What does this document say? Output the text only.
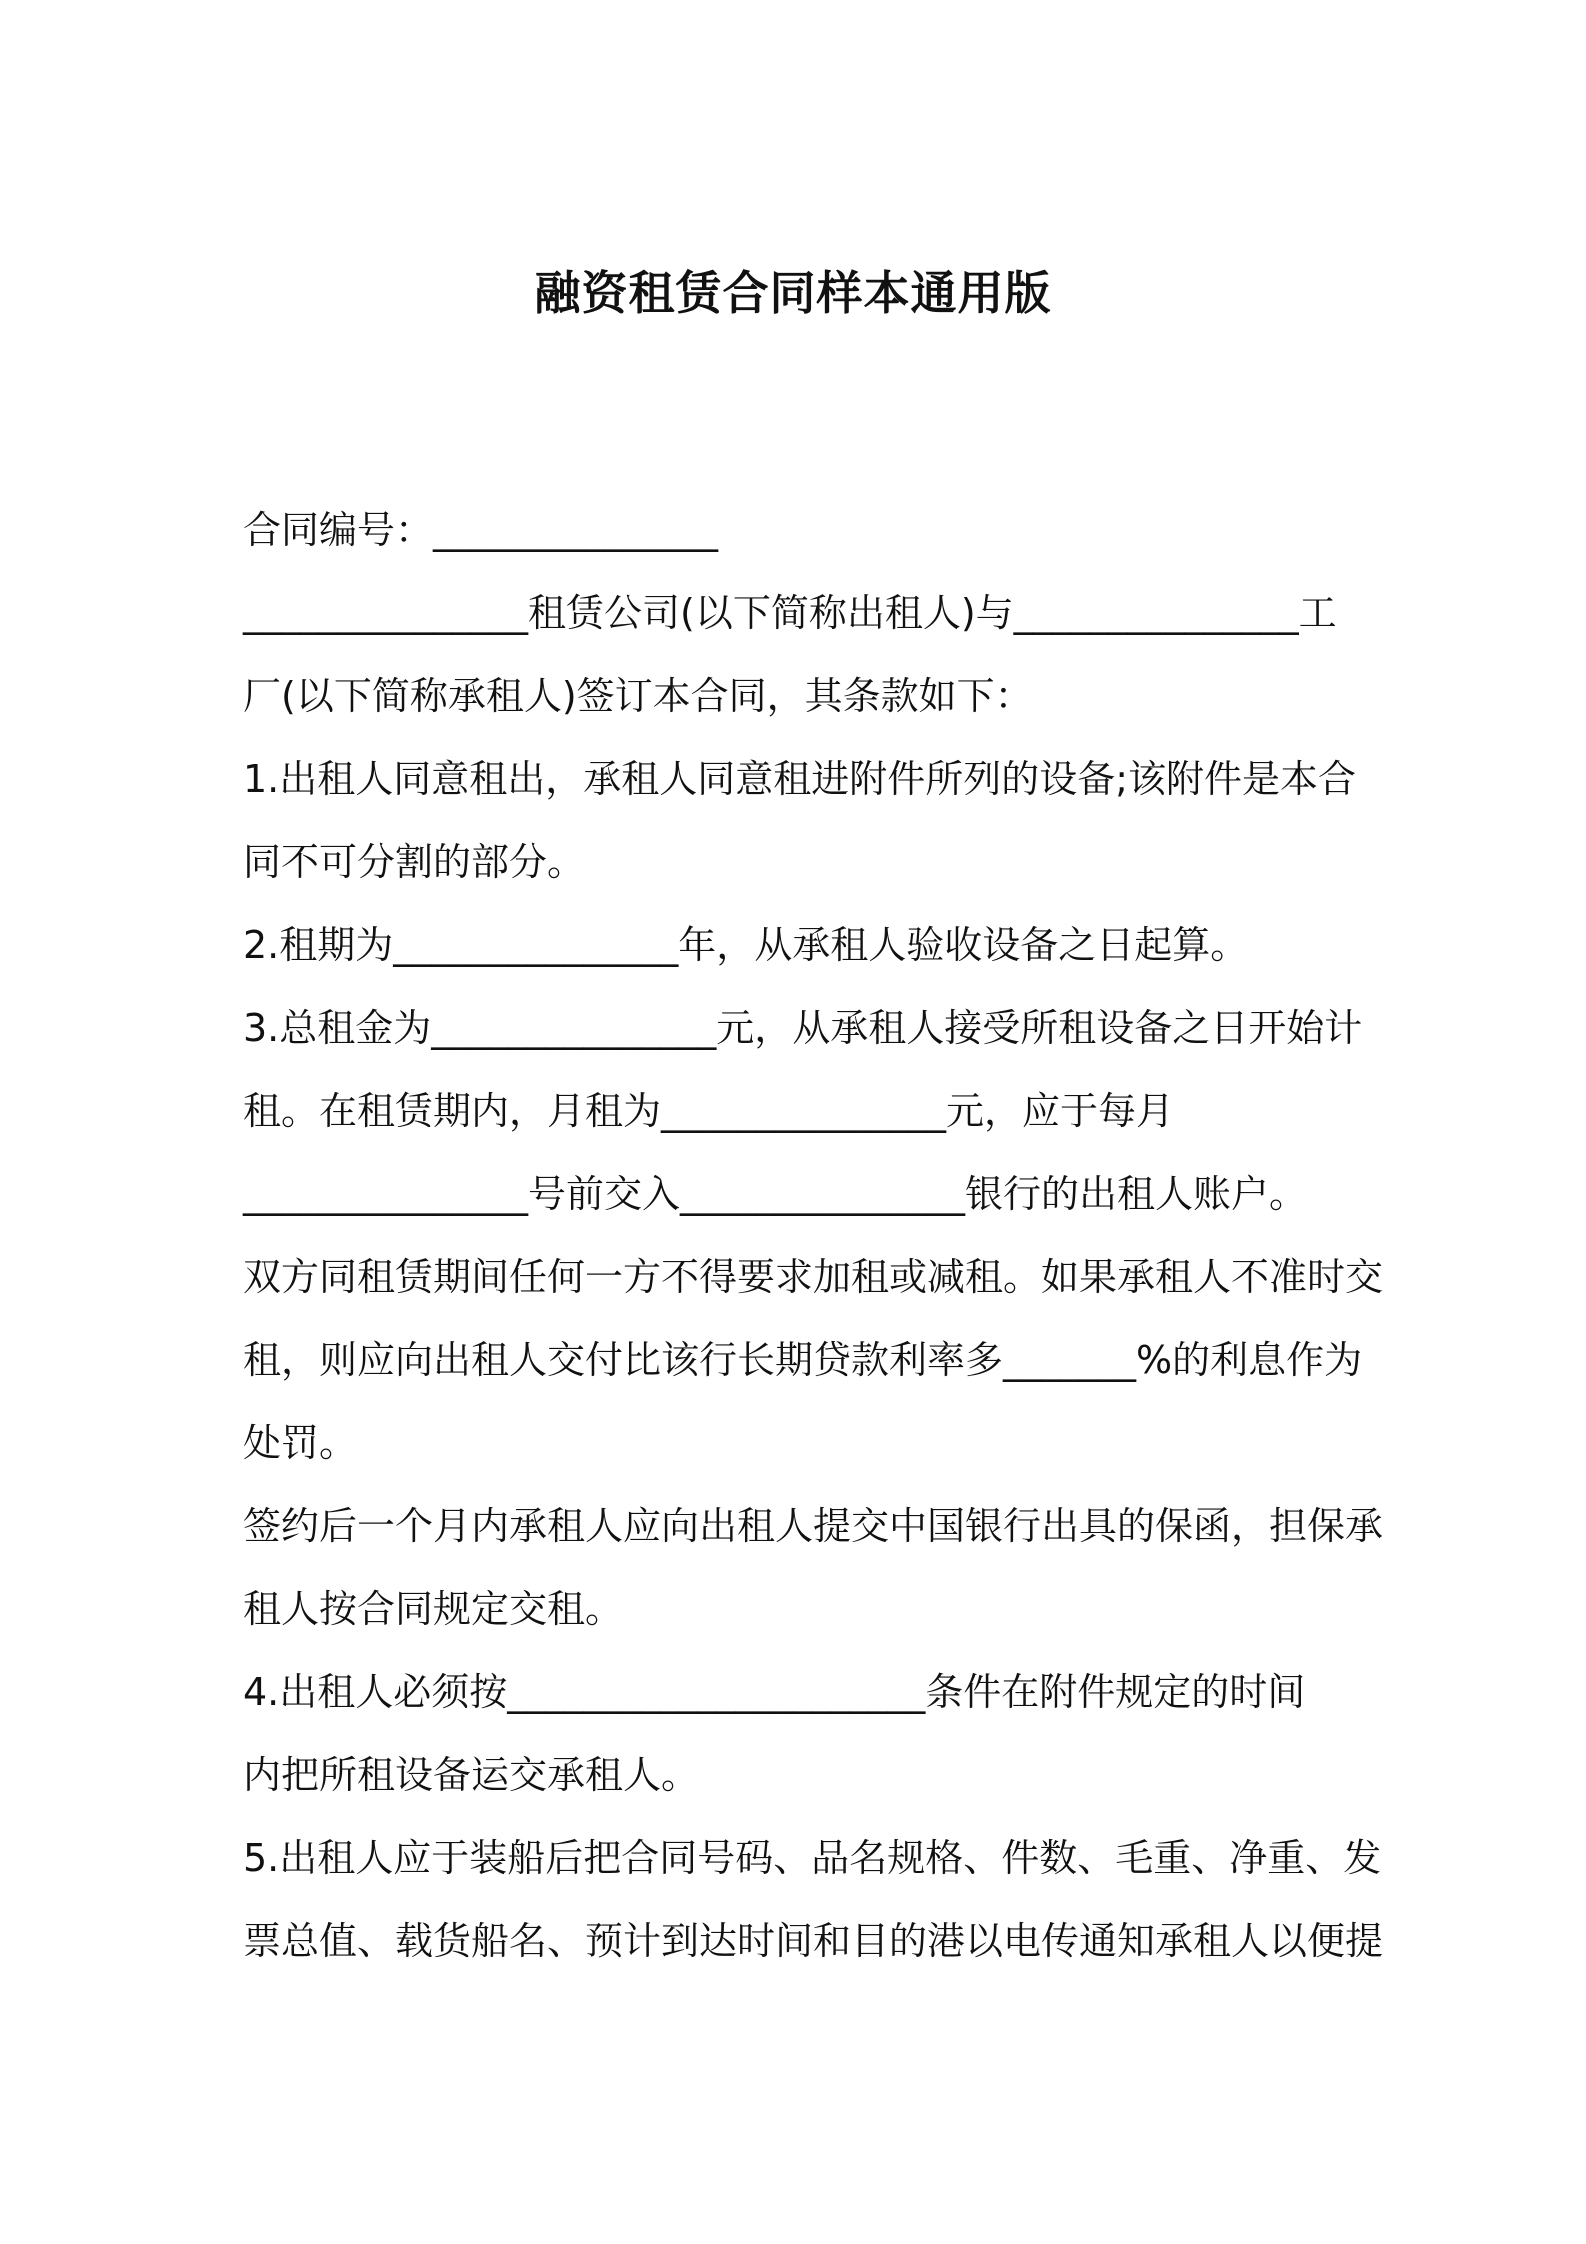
融资租赁合同样本通用版
合同编号：_______________
_______________租赁公司(以下简称出租人)与_______________工
厂(以下简称承租人)签订本合同，其条款如下：
1.出租人同意租出，承租人同意租进附件所列的设备;该附件是本合
同不可分割的部分。
2.租期为_______________年，从承租人验收设备之日起算。
3.总租金为_______________元，从承租人接受所租设备之日开始计
租。在租赁期内，月租为_______________元，应于每月
_______________号前交入_______________银行的出租人账户。
双方同租赁期间任何一方不得要求加租或减租。如果承租人不准时交
租，则应向出租人交付比该行长期贷款利率多_______%的利息作为
处罚。
签约后一个月内承租人应向出租人提交中国银行出具的保函，担保承
租人按合同规定交租。
4.出租人必须按______________________条件在附件规定的时间
内把所租设备运交承租人。
5.出租人应于装船后把合同号码、品名规格、件数、毛重、净重、发
票总值、载货船名、预计到达时间和目的港以电传通知承租人以便提
